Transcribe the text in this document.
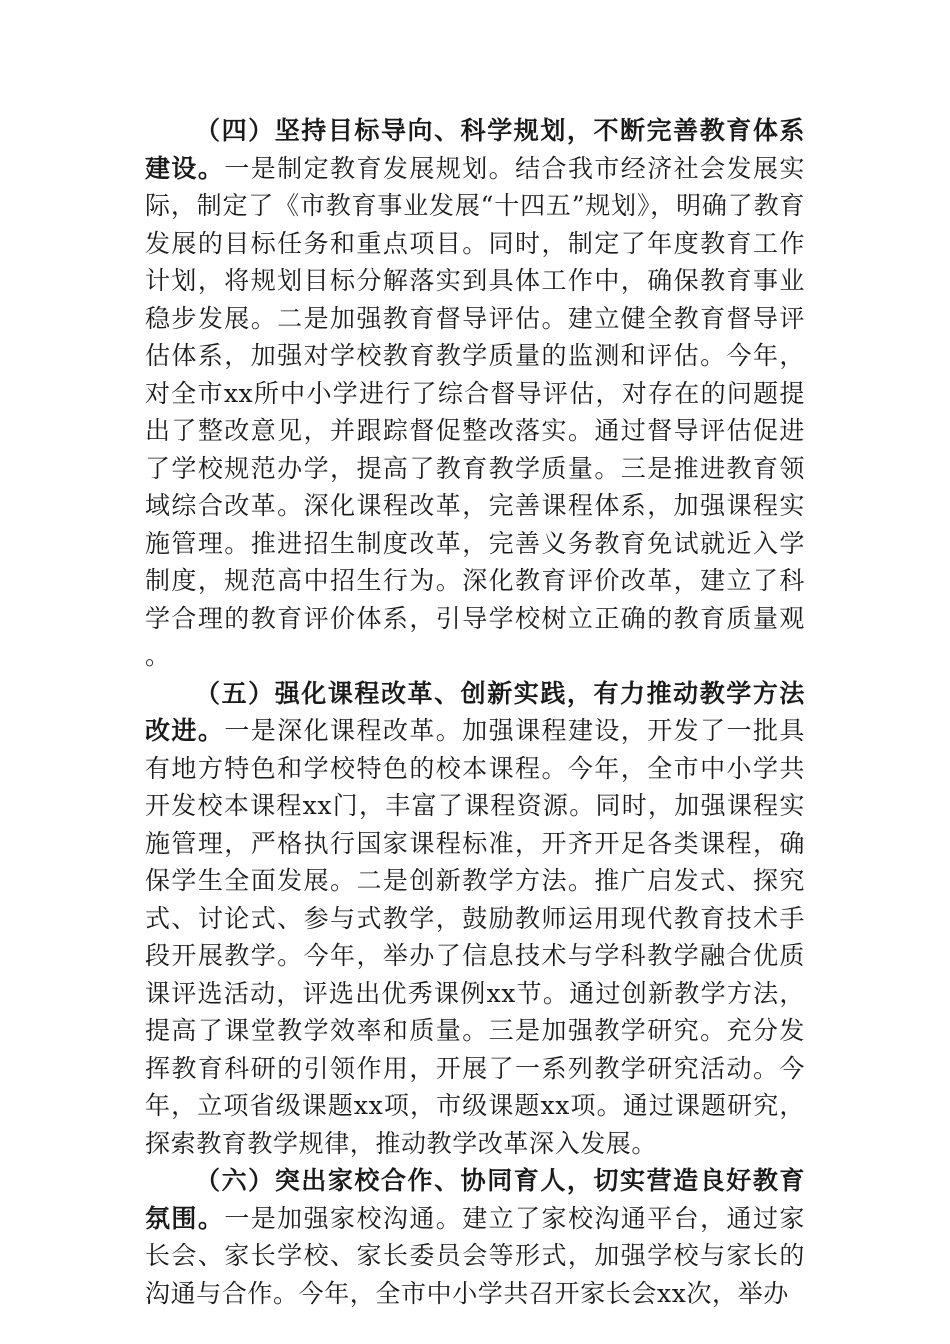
（四）坚持目标导向、科学规划，不断完善教育体系建设。一是制定教育发展规划。结合我市经济社会发展实际，制定了《市教育事业发展“十四五”规划》，明确了教育发展的目标任务和重点项目。同时，制定了年度教育工作计划，将规划目标分解落实到具体工作中，确保教育事业稳步发展。二是加强教育督导评估。建立健全教育督导评估体系，加强对学校教育教学质量的监测和评估。今年，对全市xx所中小学进行了综合督导评估，对存在的问题提出了整改意见，并跟踪督促整改落实。通过督导评估促进了学校规范办学，提高了教育教学质量。三是推进教育领域综合改革。深化课程改革，完善课程体系，加强课程实施管理。推进招生制度改革，完善义务教育免试就近入学制度，规范高中招生行为。深化教育评价改革，建立了科学合理的教育评价体系，引导学校树立正确的教育质量观。

（五）强化课程改革、创新实践，有力推动教学方法改进。一是深化课程改革。加强课程建设，开发了一批具有地方特色和学校特色的校本课程。今年，全市中小学共开发校本课程xx门，丰富了课程资源。同时，加强课程实施管理，严格执行国家课程标准，开齐开足各类课程，确保学生全面发展。二是创新教学方法。推广启发式、探究式、讨论式、参与式教学，鼓励教师运用现代教育技术手段开展教学。今年，举办了信息技术与学科教学融合优质课评选活动，评选出优秀课例xx节。通过创新教学方法，提高了课堂教学效率和质量。三是加强教学研究。充分发挥教育科研的引领作用，开展了一系列教学研究活动。今年，立项省级课题xx项，市级课题xx项。通过课题研究，探索教育教学规律，推动教学改革深入发展。

（六）突出家校合作、协同育人，切实营造良好教育氛围。一是加强家校沟通。建立了家校沟通平台，通过家长会、家长学校、家长委员会等形式，加强学校与家长的沟通与合作。今年，全市中小学共召开家长会xx次，举办
